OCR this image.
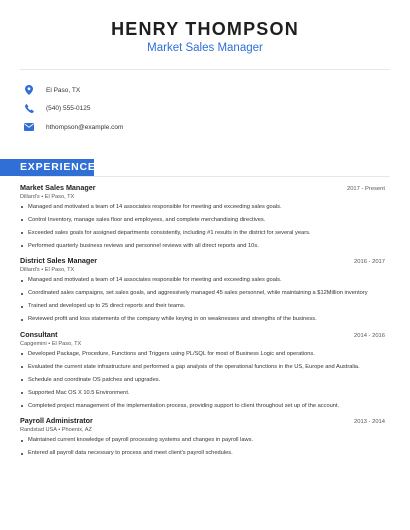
HENRY THOMPSON
Market Sales Manager
El Paso, TX
(540) 555-0125
hthompson@example.com
EXPERIENCE
Market Sales Manager	2017 - Present
Dillard's • El Paso, TX
Managed and motivated a team of 14 associates responsible for meeting and exceeding sales goals.
Control Inventory, manage sales floor and employees, and complete merchandising directives.
Exceeded sales goals for assigned departments consistently, including #1 results in the district for several years.
Performed quarterly business reviews and personnel reviews with all direct reports and 10s.
District Sales Manager	2016 - 2017
Dillard's • El Paso, TX
Managed and motivated a team of 14 associates responsible for meeting and exceeding sales goals.
Coordinated sales campaigns, set sales goals, and aggressively managed 45 sales personnel, while maintaining a $12Million inventory
Trained and developed up to 25 direct reports and their teams.
Reviewed profit and loss statements of the company while keying in on weaknesses and strengths of the business.
Consultant	2014 - 2016
Capgemini • El Paso, TX
Developed Package, Procedure, Functions and Triggers using PL/SQL for most of Business Logic and operations.
Evaluated the current state infrastructure and performed a gap analysis of the operational functions in the US, Europe and Australia.
Schedule and coordinate OS patches and upgrades.
Supported Mac OS X 10.5 Environment.
Completed project management of the implementation process, providing support to client throughout set up of the account.
Payroll Administrator	2013 - 2014
Randstad USA • Phoenix, AZ
Maintained current knowledge of payroll processing systems and changes in payroll laws.
Entered all payroll data necessary to process and meet client's payroll schedules.
